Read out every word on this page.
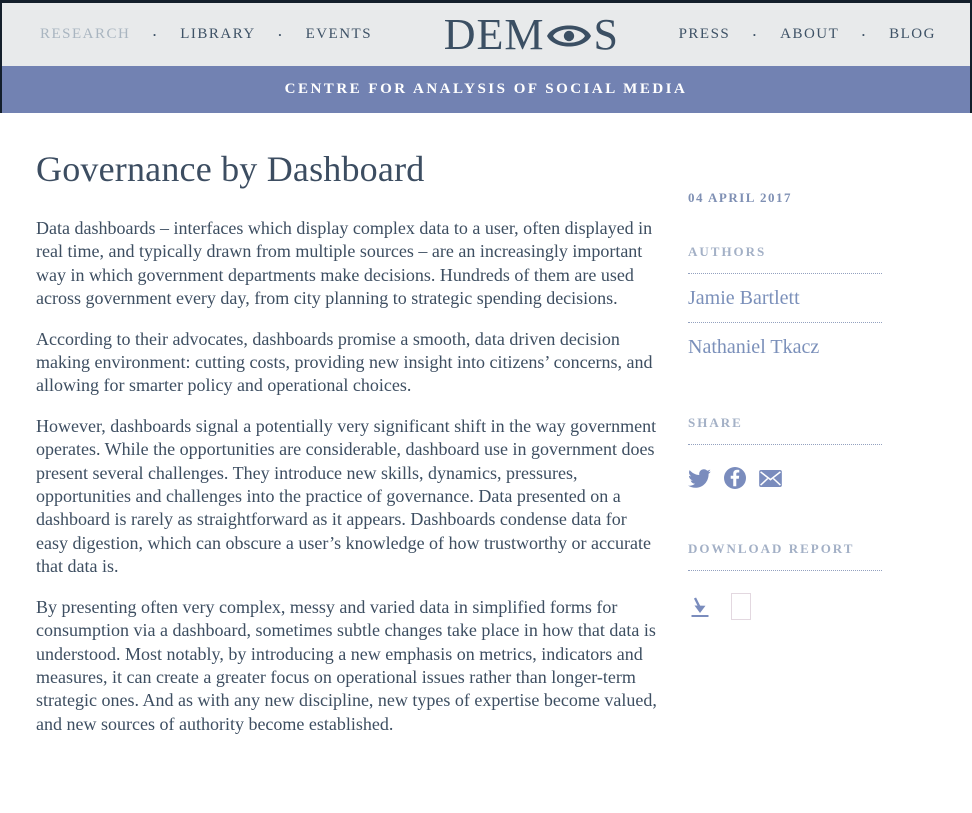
RESEARCH · LIBRARY · EVENTS DEM S	PRESS · ABOUT · BLOG
CENTRE FOR ANALYSIS OF SOCIAL MEDIA
Governance by Dashboard

Data dashboards – interfaces which display complex data to a user, often displayed in real time, and typically drawn from multiple sources – are an increasingly important way in which government departments make decisions. Hundreds of them are used across government every day, from city planning to strategic spending decisions.

According to their advocates, dashboards promise a smooth, data driven decision making environment: cutting costs, providing new insight into citizens’ concerns, and allowing for smarter policy and operational choices.

However, dashboards signal a potentially very significant shift in the way government operates. While the opportunities are considerable, dashboard use in government does present several challenges. They introduce new skills, dynamics, pressures, opportunities and challenges into the practice of governance. Data presented on a dashboard is rarely as straightforward as it appears. Dashboards condense data for easy digestion, which can obscure a user’s knowledge of how trustworthy or accurate that data is.

By presenting often very complex, messy and varied data in simplified forms for consumption via a dashboard, sometimes subtle changes take place in how that data is understood. Most notably, by introducing a new emphasis on metrics, indicators and measures, it can create a greater focus on operational issues rather than longer-term strategic ones. And as with any new discipline, new types of expertise become valued, and new sources of authority become established.

04 APRIL 2017
AUTHORS
Jamie Bartlett
Nathaniel Tkacz
SHARE
DOWNLOAD REPORT
